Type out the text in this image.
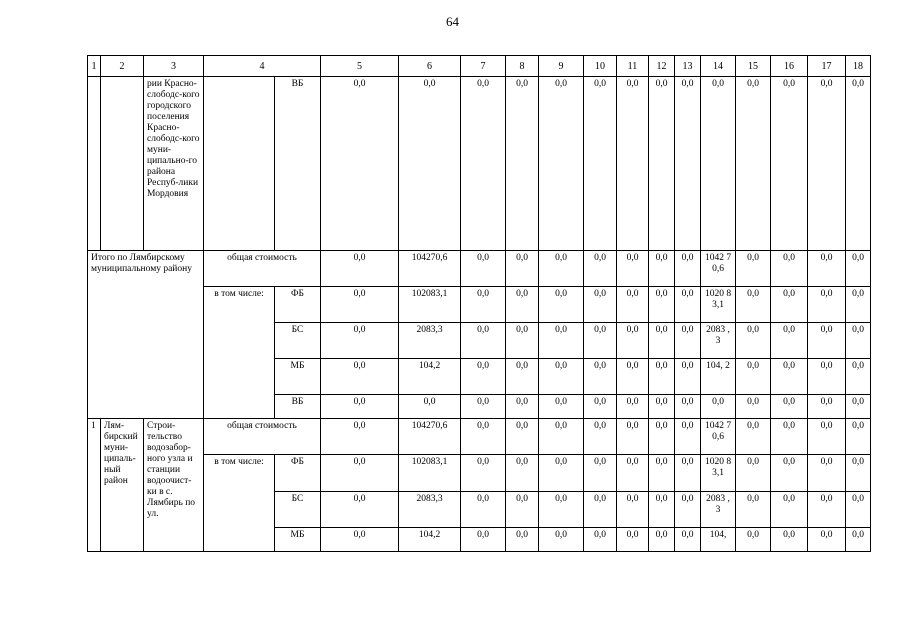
64
1	2	3	4		5	6	7	8	9	10	11	12	13	14	15	16	17	18
		рии Красно-слободс-кого городского поселения Красно-слободс-кого муни-ципально-го района Респуб-лики Мордовия		ВБ	0,0	0,0	0,0	0,0	0,0	0,0	0,0	0,0	0,0	0,0	0,0	0,0	0,0	0,0
Итого по Лямбирскому муниципальному району			общая стоимость		0,0	104270,6	0,0	0,0	0,0	0,0	0,0	0,0	0,0	1042 70,6	0,0	0,0	0,0	0,0
			в том числе:	ФБ	0,0	102083,1	0,0	0,0	0,0	0,0	0,0	0,0	0,0	1020 83,1	0,0	0,0	0,0	0,0
				БС	0,0	2083,3	0,0	0,0	0,0	0,0	0,0	0,0	0,0	2083 ,3	0,0	0,0	0,0	0,0
				МБ	0,0	104,2	0,0	0,0	0,0	0,0	0,0	0,0	0,0	104, 2	0,0	0,0	0,0	0,0
				ВБ	0,0	0,0	0,0	0,0	0,0	0,0	0,0	0,0	0,0	0,0	0,0	0,0	0,0	0,0
1	Лям-бирский муни-ципаль-ный район	Строи-тельство водозабор-ного узла и станции водоочист-ки в с. Лямбирь по ул.	общая стоимость		0,0	104270,6	0,0	0,0	0,0	0,0	0,0	0,0	0,0	1042 70,6	0,0	0,0	0,0	0,0
			в том числе:	ФБ	0,0	102083,1	0,0	0,0	0,0	0,0	0,0	0,0	0,0	1020 83,1	0,0	0,0	0,0	0,0
				БС	0,0	2083,3	0,0	0,0	0,0	0,0	0,0	0,0	0,0	2083 ,3	0,0	0,0	0,0	0,0
				МБ	0,0	104,2	0,0	0,0	0,0	0,0	0,0	0,0	0,0	104,	0,0	0,0	0,0	0,0
